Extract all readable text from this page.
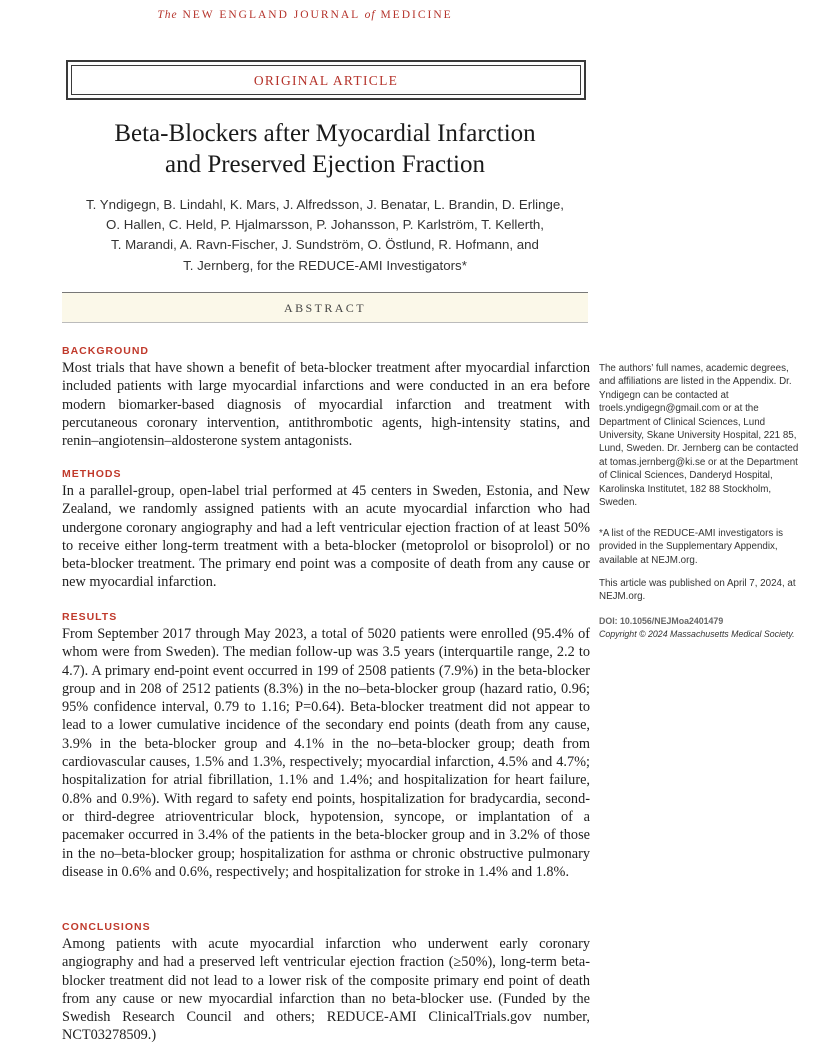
The NEW ENGLAND JOURNAL of MEDICINE
ORIGINAL ARTICLE
Beta-Blockers after Myocardial Infarction
and Preserved Ejection Fraction
T. Yndigegn, B. Lindahl, K. Mars, J. Alfredsson, J. Benatar, L. Brandin, D. Erlinge,
O. Hallen, C. Held, P. Hjalmarsson, P. Johansson, P. Karlström, T. Kellerth,
T. Marandi, A. Ravn-Fischer, J. Sundström, O. Östlund, R. Hofmann, and
T. Jernberg, for the REDUCE-AMI Investigators*
ABSTRACT
BACKGROUND
Most trials that have shown a benefit of beta-blocker treatment after myocardial infarction included patients with large myocardial infarctions and were conducted in an era before modern biomarker-based diagnosis of myocardial infarction and treatment with percutaneous coronary intervention, antithrombotic agents, high-intensity statins, and renin–angiotensin–aldosterone system antagonists.
METHODS
In a parallel-group, open-label trial performed at 45 centers in Sweden, Estonia, and New Zealand, we randomly assigned patients with an acute myocardial infarction who had undergone coronary angiography and had a left ventricular ejection fraction of at least 50% to receive either long-term treatment with a beta-blocker (metoprolol or bisoprolol) or no beta-blocker treatment. The primary end point was a composite of death from any cause or new myocardial infarction.
RESULTS
From September 2017 through May 2023, a total of 5020 patients were enrolled (95.4% of whom were from Sweden). The median follow-up was 3.5 years (interquartile range, 2.2 to 4.7). A primary end-point event occurred in 199 of 2508 patients (7.9%) in the beta-blocker group and in 208 of 2512 patients (8.3%) in the no–beta-blocker group (hazard ratio, 0.96; 95% confidence interval, 0.79 to 1.16; P=0.64). Beta-blocker treatment did not appear to lead to a lower cumulative incidence of the secondary end points (death from any cause, 3.9% in the beta-blocker group and 4.1% in the no–beta-blocker group; death from cardiovascular causes, 1.5% and 1.3%, respectively; myocardial infarction, 4.5% and 4.7%; hospitalization for atrial fibrillation, 1.1% and 1.4%; and hospitalization for heart failure, 0.8% and 0.9%). With regard to safety end points, hospitalization for bradycardia, second- or third-degree atrioventricular block, hypotension, syncope, or implantation of a pacemaker occurred in 3.4% of the patients in the beta-blocker group and in 3.2% of those in the no–beta-blocker group; hospitalization for asthma or chronic obstructive pulmonary disease in 0.6% and 0.6%, respectively; and hospitalization for stroke in 1.4% and 1.8%.
CONCLUSIONS
Among patients with acute myocardial infarction who underwent early coronary angiography and had a preserved left ventricular ejection fraction (≥50%), long-term beta-blocker treatment did not lead to a lower risk of the composite primary end point of death from any cause or new myocardial infarction than no beta-blocker use. (Funded by the Swedish Research Council and others; REDUCE-AMI ClinicalTrials.gov number, NCT03278509.)

The authors’ full names, academic degrees, and affiliations are listed in the Appendix. Dr. Yndigegn can be contacted at troels.yndigegn@gmail.com or at the Department of Clinical Sciences, Lund University, Skane University Hospital, 221 85, Lund, Sweden. Dr. Jernberg can be contacted at tomas.jernberg@ki.se or at the Department of Clinical Sciences, Danderyd Hospital, Karolinska Institutet, 182 88 Stockholm, Sweden.

*A list of the REDUCE-AMI investigators is provided in the Supplementary Appendix, available at NEJM.org.

This article was published on April 7, 2024, at NEJM.org.

DOI: 10.1056/NEJMoa2401479
Copyright © 2024 Massachusetts Medical Society.
